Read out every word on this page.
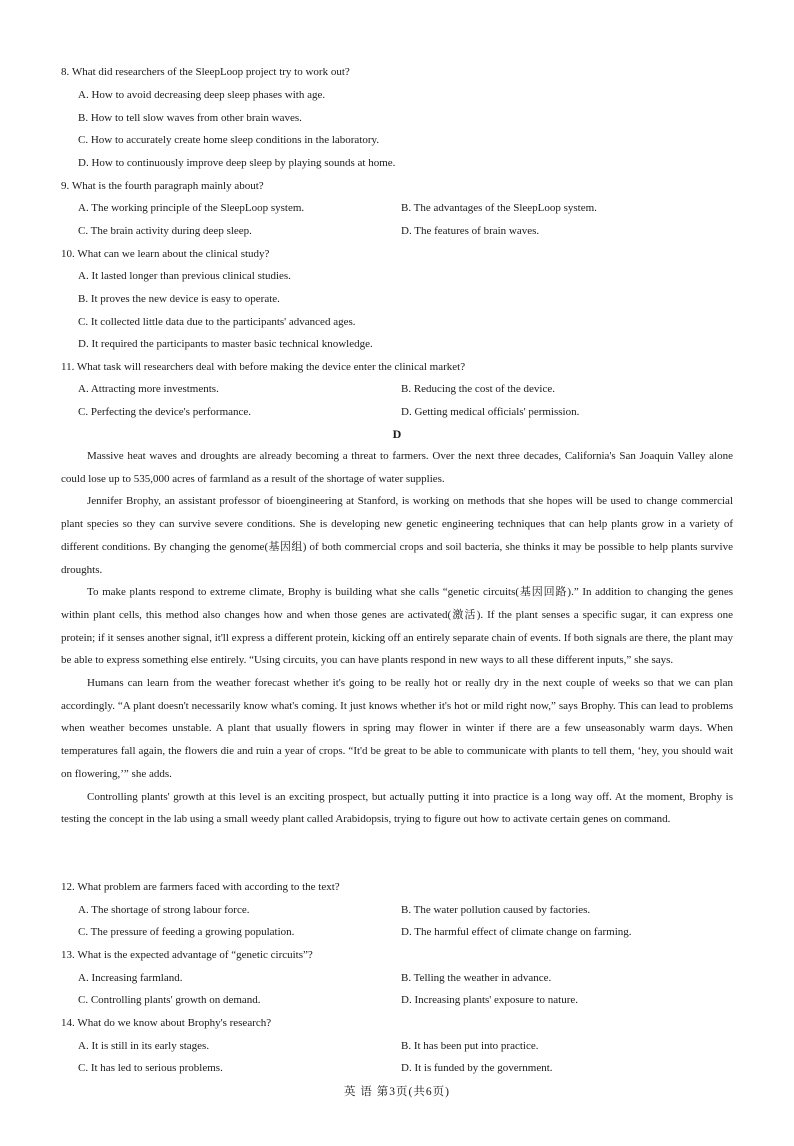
8. What did researchers of the SleepLoop project try to work out?
A. How to avoid decreasing deep sleep phases with age.
B. How to tell slow waves from other brain waves.
C. How to accurately create home sleep conditions in the laboratory.
D. How to continuously improve deep sleep by playing sounds at home.
9. What is the fourth paragraph mainly about?
A. The working principle of the SleepLoop system.	B. The advantages of the SleepLoop system.
C. The brain activity during deep sleep.	D. The features of brain waves.
10. What can we learn about the clinical study?
A. It lasted longer than previous clinical studies.
B. It proves the new device is easy to operate.
C. It collected little data due to the participants' advanced ages.
D. It required the participants to master basic technical knowledge.
11. What task will researchers deal with before making the device enter the clinical market?
A. Attracting more investments.	B. Reducing the cost of the device.
C. Perfecting the device's performance.	D. Getting medical officials' permission.
D

Massive heat waves and droughts are already becoming a threat to farmers. Over the next three decades, California's San Joaquin Valley alone could lose up to 535,000 acres of farmland as a result of the shortage of water supplies.

Jennifer Brophy, an assistant professor of bioengineering at Stanford, is working on methods that she hopes will be used to change commercial plant species so they can survive severe conditions. She is developing new genetic engineering techniques that can help plants grow in a variety of different conditions. By changing the genome(基因组) of both commercial crops and soil bacteria, she thinks it may be possible to help plants survive droughts.

To make plants respond to extreme climate, Brophy is building what she calls “genetic circuits(基因回路).” In addition to changing the genes within plant cells, this method also changes how and when those genes are activated(激活). If the plant senses a specific sugar, it can express one protein; if it senses another signal, it'll express a different protein, kicking off an entirely separate chain of events. If both signals are there, the plant may be able to express something else entirely. “Using circuits, you can have plants respond in new ways to all these different inputs,” she says.

Humans can learn from the weather forecast whether it's going to be really hot or really dry in the next couple of weeks so that we can plan accordingly. “A plant doesn't necessarily know what's coming. It just knows whether it's hot or mild right now,” says Brophy. This can lead to problems when weather becomes unstable. A plant that usually flowers in spring may flower in winter if there are a few unseasonably warm days. When temperatures fall again, the flowers die and ruin a year of crops. “It'd be great to be able to communicate with plants to tell them, ‘hey, you should wait on flowering,’” she adds.

Controlling plants' growth at this level is an exciting prospect, but actually putting it into practice is a long way off. At the moment, Brophy is testing the concept in the lab using a small weedy plant called Arabidopsis, trying to figure out how to activate certain genes on command.

12. What problem are farmers faced with according to the text?
A. The shortage of strong labour force.	B. The water pollution caused by factories.
C. The pressure of feeding a growing population.	D. The harmful effect of climate change on farming.
13. What is the expected advantage of “genetic circuits”?
A. Increasing farmland.	B. Telling the weather in advance.
C. Controlling plants' growth on demand.	D. Increasing plants' exposure to nature.
14. What do we know about Brophy's research?
A. It is still in its early stages.	B. It has been put into practice.
C. It has led to serious problems.	D. It is funded by the government.
英 语 第3页(共6页)
